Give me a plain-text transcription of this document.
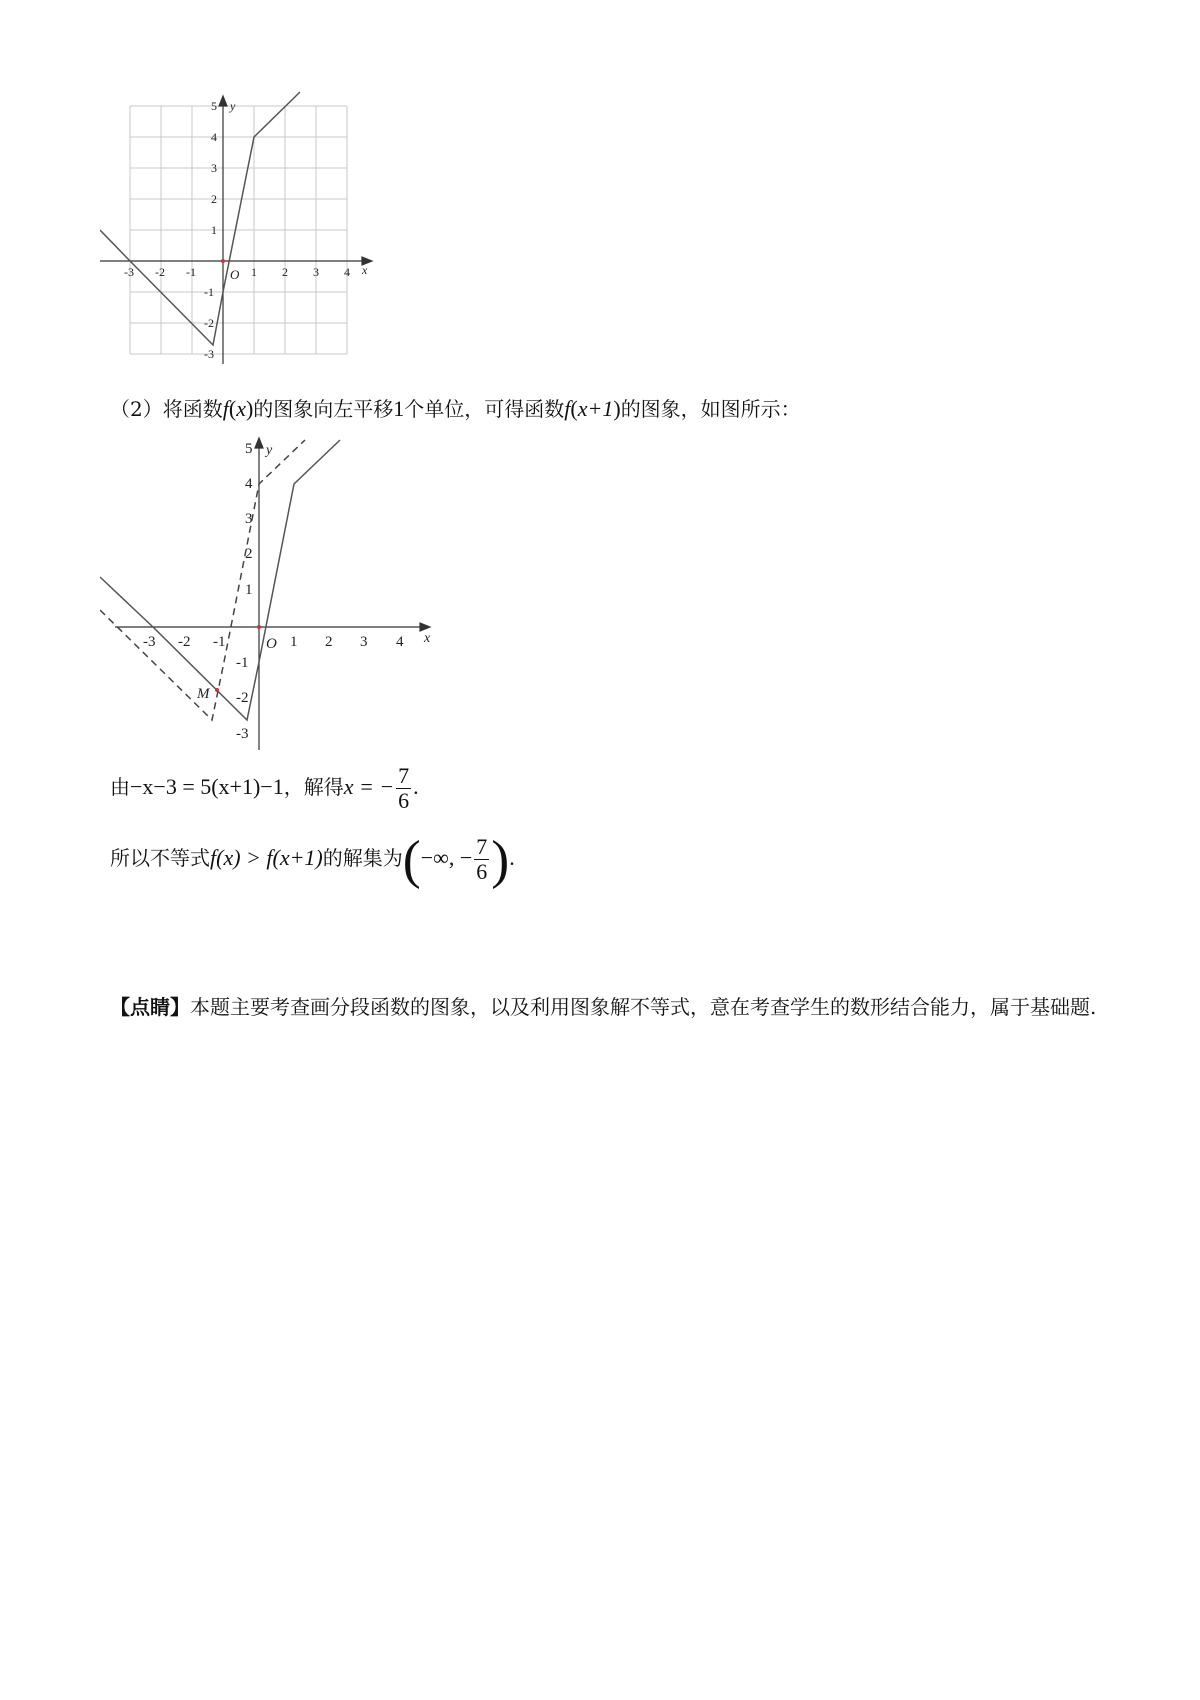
-3 -2 -1	1 2 3 4
5
4
3
2
1
-1
-2
-3
O	x
y
（2）将函数f(x)的图象向左平移1个单位，可得函数f(x+1)的图象，如图所示：
-3 -2 -1	1 2 3 4
5
4
3
2
1
-1
-2
-3
O	x
y
M
由−x−3 = 5(x+1)−1，解得x = − $\frac{7}{6}$ .
所以不等式f(x) > f(x+1)的解集为(−∞, − $\frac{7}{6}$ ).
【点睛】本题主要考查画分段函数的图象，以及利用图象解不等式，意在考查学生的数形结合能力，属于基础题.
